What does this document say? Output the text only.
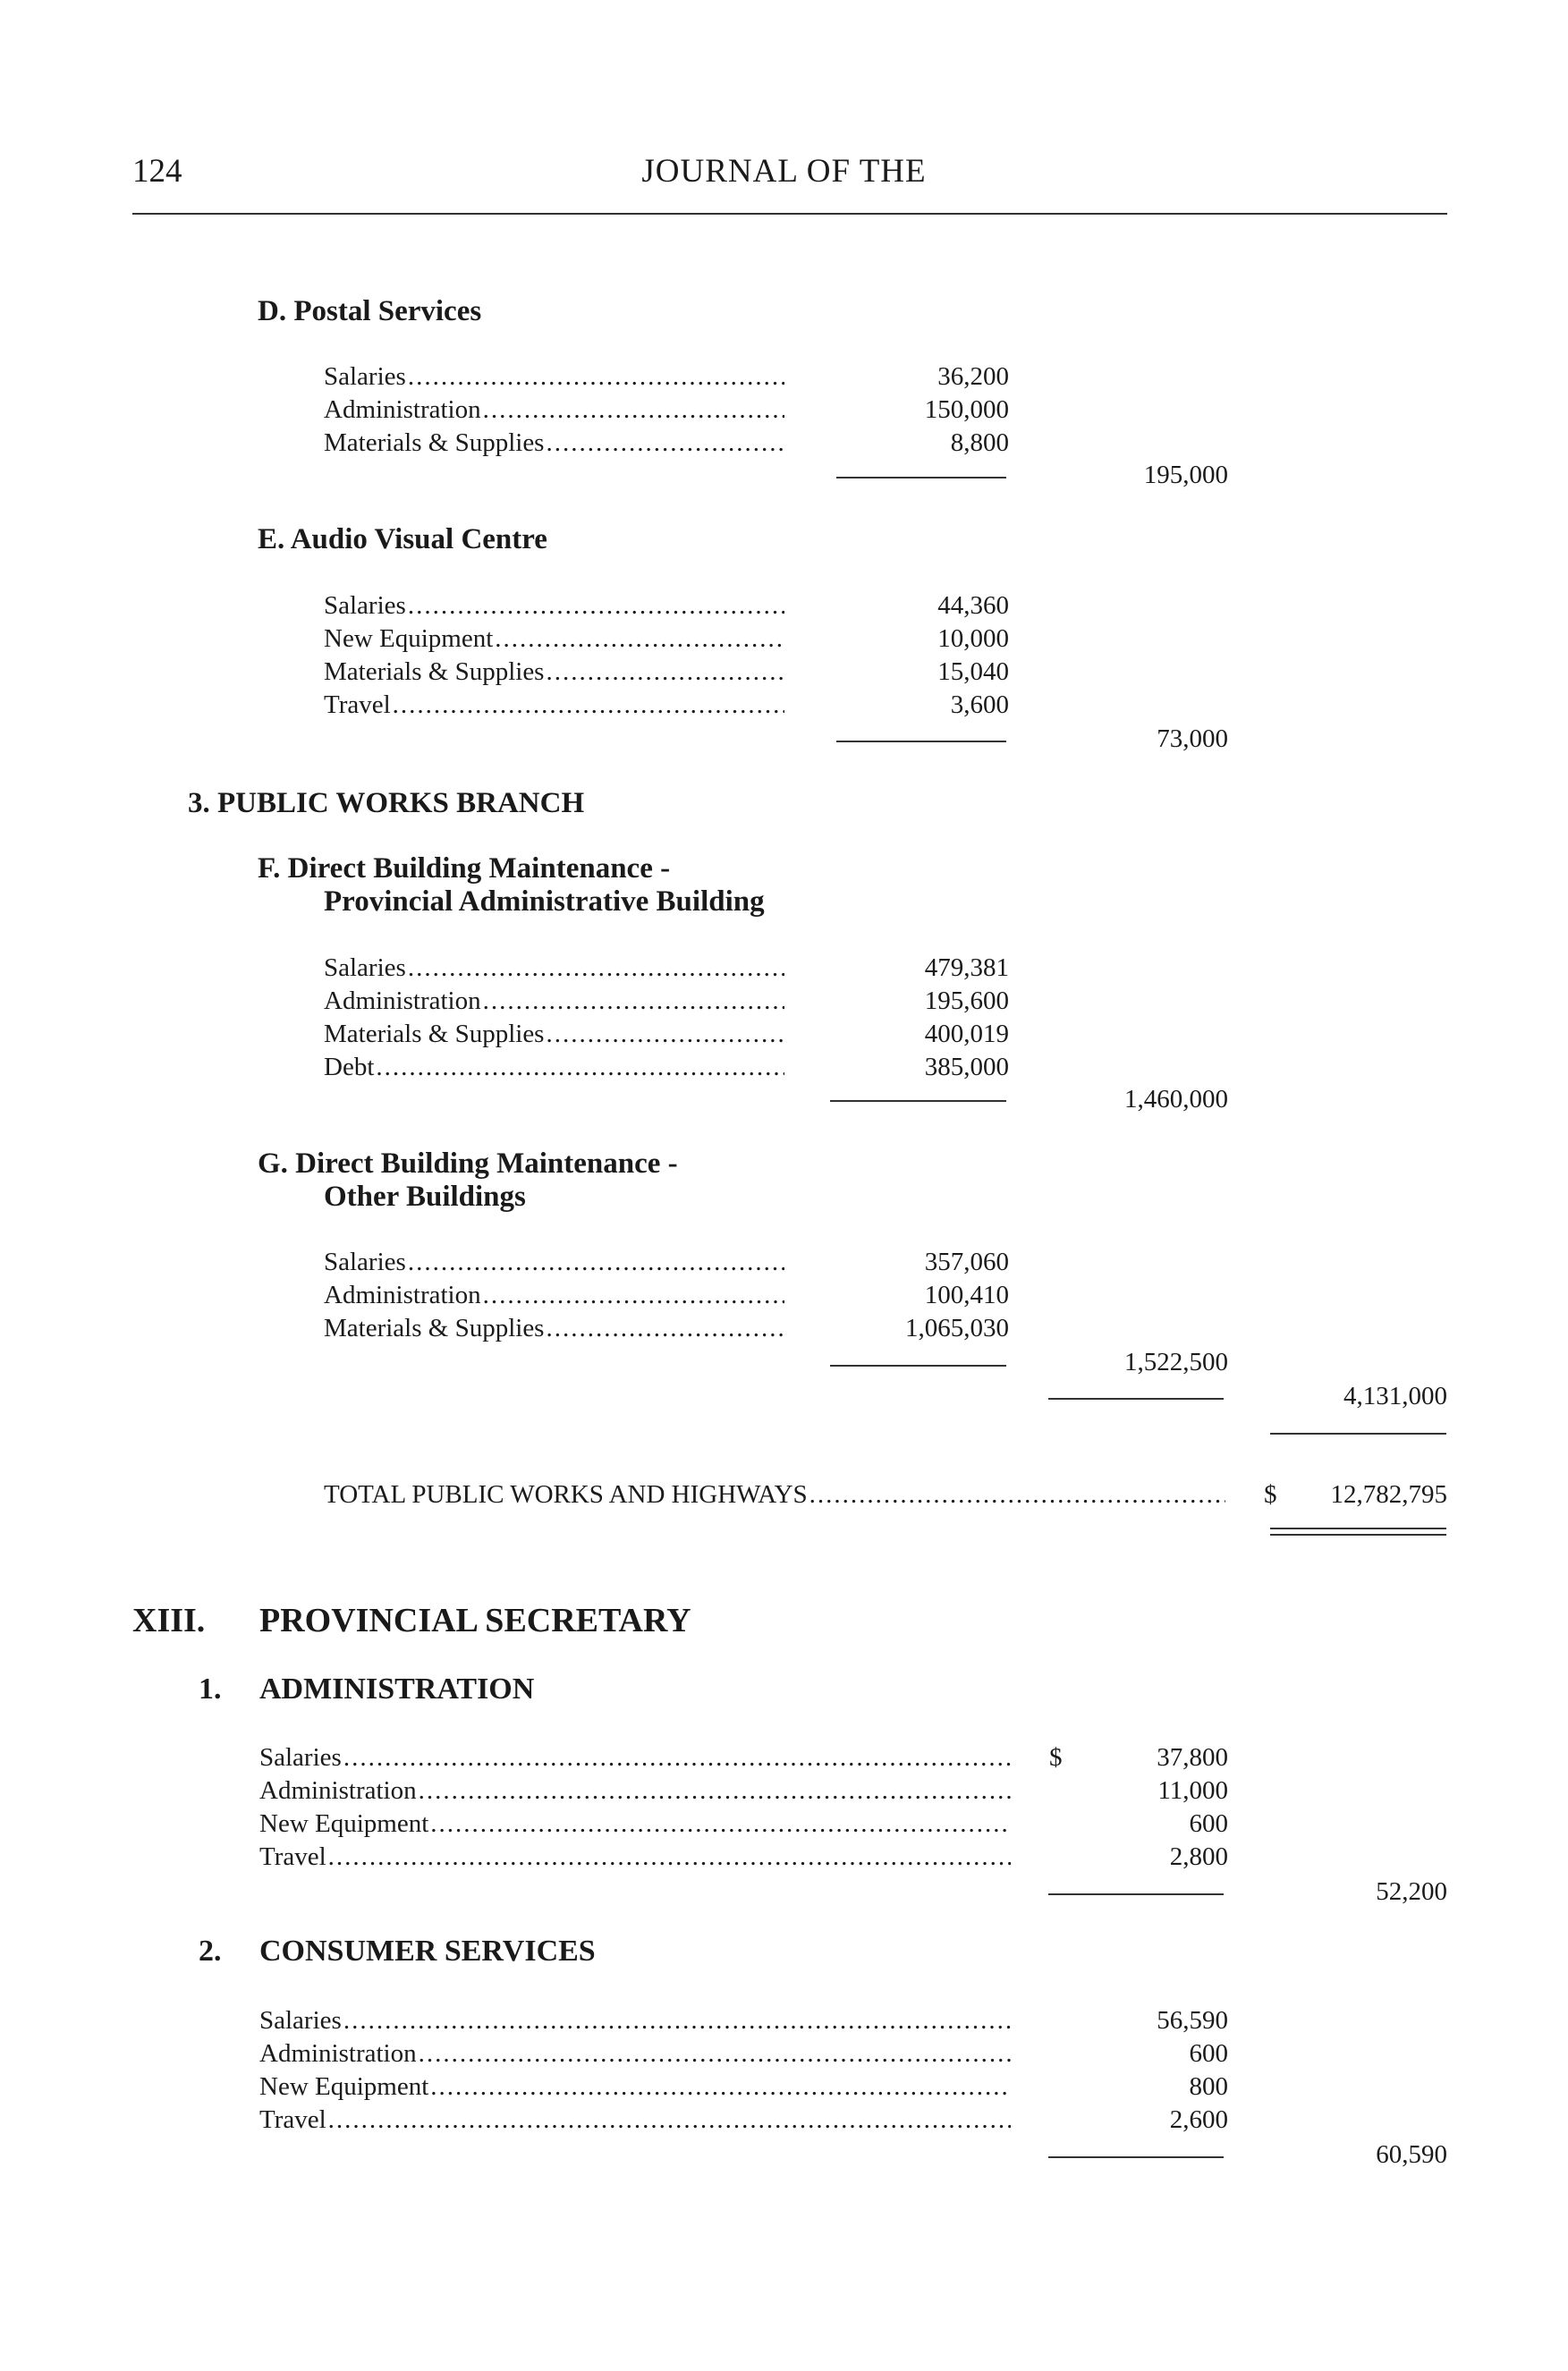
124	JOURNAL OF THE
D. Postal Services
Salaries .....	36,200
Administration .....	150,000
Materials & Supplies .....	8,800
195,000
E. Audio Visual Centre
Salaries .....	44,360
New Equipment .....	10,000
Materials & Supplies .....	15,040
Travel .....	3,600
73,000
3. PUBLIC WORKS BRANCH
F. Direct Building Maintenance -
Provincial Administrative Building
Salaries .....	479,381
Administration .....	195,600
Materials & Supplies .....	400,019
Debt .....	385,000
1,460,000
G. Direct Building Maintenance -
Other Buildings
Salaries .....	357,060
Administration .....	100,410
Materials & Supplies .....	1,065,030
1,522,500
4,131,000
TOTAL PUBLIC WORKS AND HIGHWAYS .....	$	12,782,795
XIII. PROVINCIAL SECRETARY
1. ADMINISTRATION
Salaries .....	$	37,800
Administration .....	11,000
New Equipment .....	600
Travel .....	2,800
52,200
2. CONSUMER SERVICES
Salaries .....	56,590
Administration .....	600
New Equipment .....	800
Travel .....	2,600
60,590
